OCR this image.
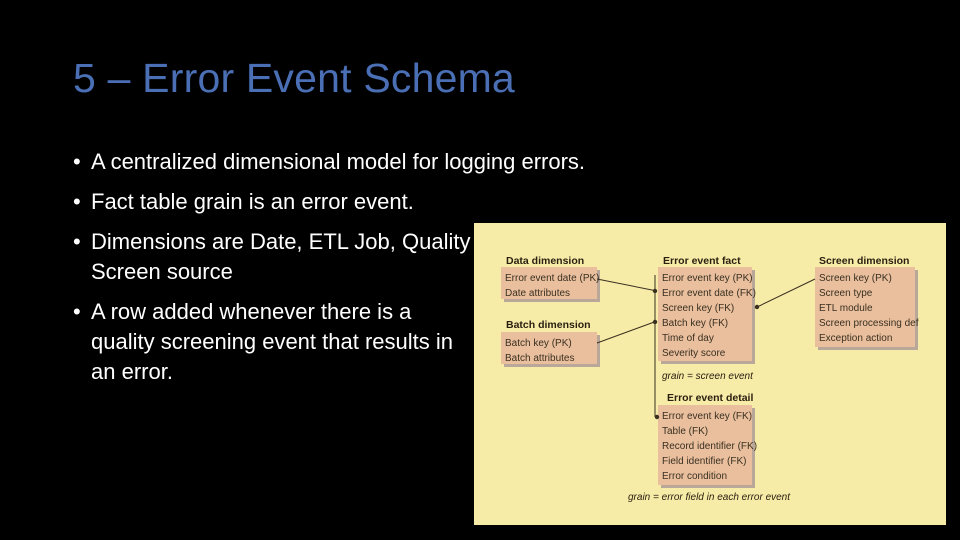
5 – Error Event Schema
• A centralized dimensional model for logging errors.
• Fact table grain is an error event.
• Dimensions are Date, ETL Job, Quality Screen source
• A row added whenever there is a quality screening event that results in an error.
Data dimension
Error event date (PK)
Date attributes
Batch dimension
Batch key (PK)
Batch attributes
Error event fact
Error event key (PK)
Error event date (FK)
Screen key (FK)
Batch key (FK)
Time of day
Severity score
grain = screen event
Screen dimension
Screen key (PK)
Screen type
ETL module
Screen processing def
Exception action
Error event detail
Error event key (FK)
Table (FK)
Record identifier (FK)
Field identifier (FK)
Error condition
grain = error field in each error event
